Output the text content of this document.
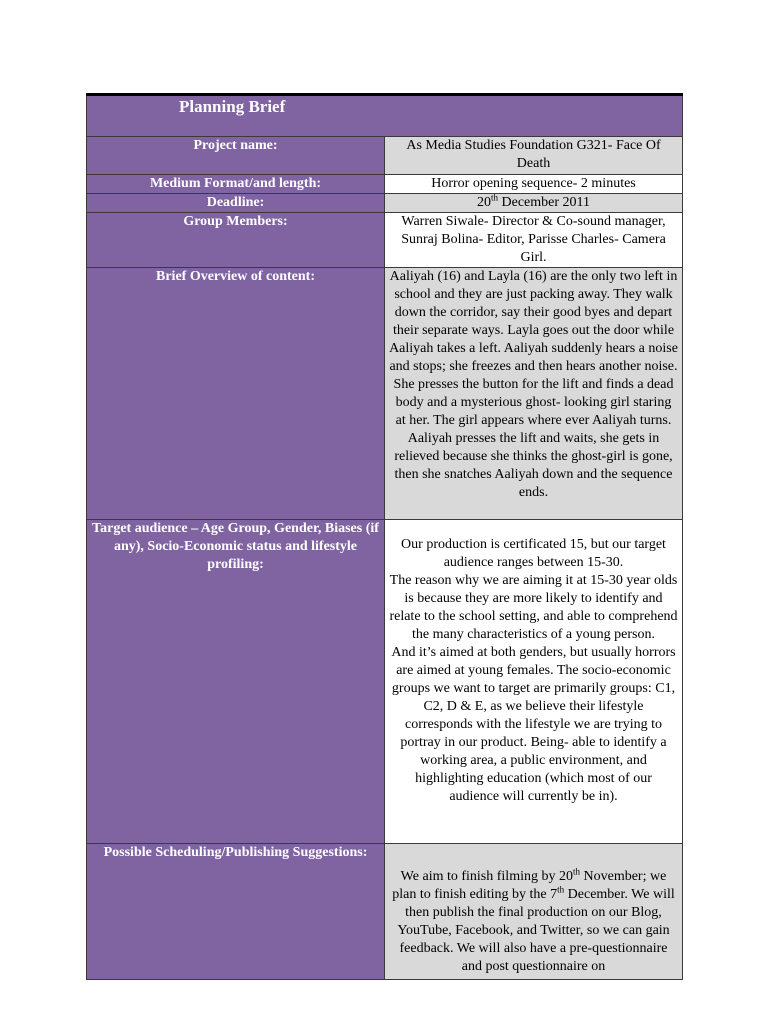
Planning Brief	
Project name:	As Media Studies Foundation G321- Face Of Death
Medium Format/and length:	Horror opening sequence- 2 minutes
Deadline:	20th December 2011
Group Members:	Warren Siwale- Director & Co-sound manager, Sunraj Bolina- Editor, Parisse Charles- Camera Girl.
Brief Overview of content:	Aaliyah (16) and Layla (16) are the only two left in school and they are just packing away. They walk down the corridor, say their good byes and depart their separate ways. Layla goes out the door while Aaliyah takes a left. Aaliyah suddenly hears a noise and stops; she freezes and then hears another noise. She presses the button for the lift and finds a dead body and a mysterious ghost- looking girl staring at her. The girl appears where ever Aaliyah turns. Aaliyah presses the lift and waits, she gets in relieved because she thinks the ghost-girl is gone, then she snatches Aaliyah down and the sequence ends.
Target audience – Age Group, Gender, Biases (if any), Socio-Economic status and lifestyle profiling:	Our production is certificated 15, but our target audience ranges between 15-30.
The reason why we are aiming it at 15-30 year olds is because they are more likely to identify and relate to the school setting, and able to comprehend the many characteristics of a young person.
And it’s aimed at both genders, but usually horrors are aimed at young females. The socio-economic groups we want to target are primarily groups: C1, C2, D & E, as we believe their lifestyle corresponds with the lifestyle we are trying to portray in our product. Being- able to identify a working area, a public environment, and highlighting education (which most of our audience will currently be in).

Possible Scheduling/Publishing Suggestions:	We aim to finish filming by 20th November; we plan to finish editing by the 7th December. We will then publish the final production on our Blog, YouTube, Facebook, and Twitter, so we can gain feedback. We will also have a pre-questionnaire and post questionnaire on
